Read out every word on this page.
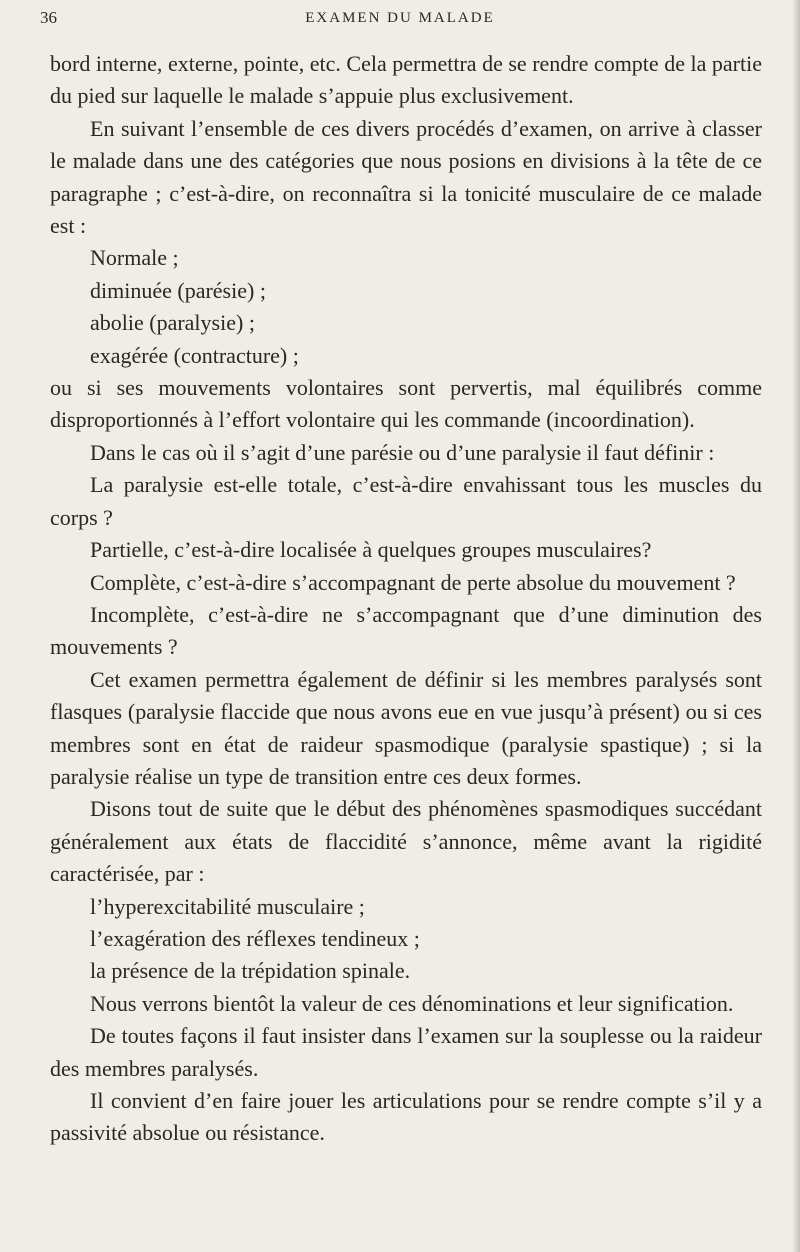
36	EXAMEN DU MALADE

bord interne, externe, pointe, etc. Cela permettra de se rendre compte de la partie du pied sur laquelle le malade s’appuie plus exclusivement.

En suivant l’ensemble de ces divers procédés d’examen, on arrive à classer le malade dans une des catégories que nous posions en divisions à la tête de ce paragraphe ; c’est-à-dire, on reconnaîtra si la tonicité musculaire de ce malade est :

Normale ;

diminuée (parésie) ;

abolie (paralysie) ;

exagérée (contracture) ;

ou si ses mouvements volontaires sont pervertis, mal équilibrés comme disproportionnés à l’effort volontaire qui les commande (incoordination).

Dans le cas où il s’agit d’une parésie ou d’une paralysie il faut définir :

La paralysie est-elle totale, c’est-à-dire envahissant tous les muscles du corps ?

Partielle, c’est-à-dire localisée à quelques groupes musculaires?

Complète, c’est-à-dire s’accompagnant de perte absolue du mouvement ?

Incomplète, c’est-à-dire ne s’accompagnant que d’une diminution des mouvements ?

Cet examen permettra également de définir si les membres paralysés sont flasques (paralysie flaccide que nous avons eue en vue jusqu’à présent) ou si ces membres sont en état de raideur spasmodique (paralysie spastique) ; si la paralysie réalise un type de transition entre ces deux formes.

Disons tout de suite que le début des phénomènes spasmodiques succédant généralement aux états de flaccidité s’annonce, même avant la rigidité caractérisée, par :

l’hyperexcitabilité musculaire ;

l’exagération des réflexes tendineux ;

la présence de la trépidation spinale.

Nous verrons bientôt la valeur de ces dénominations et leur signification.

De toutes façons il faut insister dans l’examen sur la souplesse ou la raideur des membres paralysés.

Il convient d’en faire jouer les articulations pour se rendre compte s’il y a passivité absolue ou résistance.
